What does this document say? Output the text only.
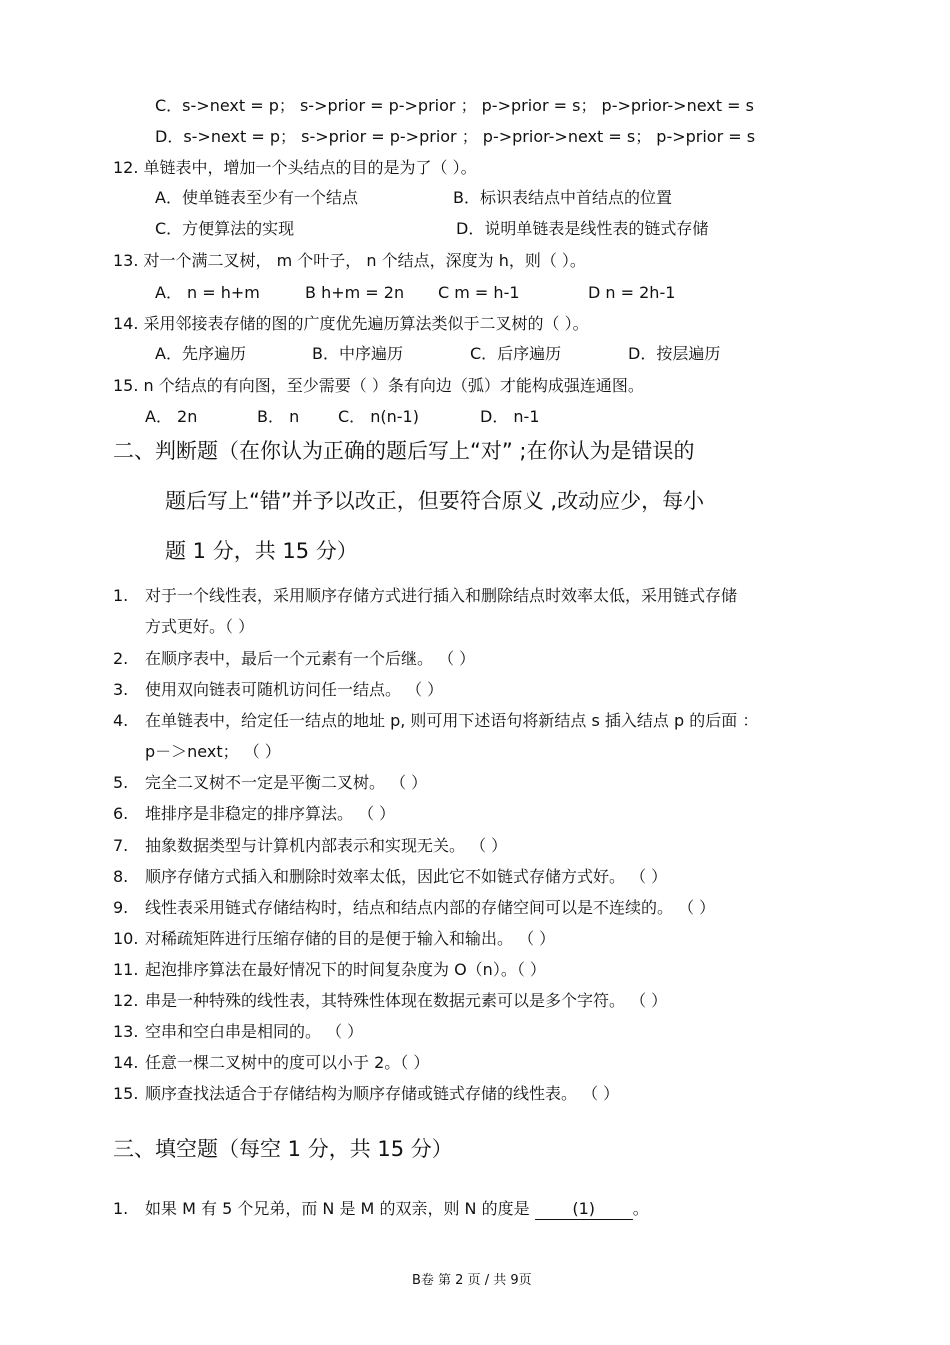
C．s->next = p； s->prior = p->prior ； p->prior = s； p->prior->next = s
D．s->next = p； s->prior = p->prior ； p->prior->next = s； p->prior = s
12. 单链表中，增加一个头结点的目的是为了（ ）。
A．使单链表至少有一个结点	B．标识表结点中首结点的位置
C．方便算法的实现	D．说明单链表是线性表的链式存储
13. 对一个满二叉树， m 个叶子， n 个结点，深度为 h，则（ ）。
A． n = h+m	B h+m = 2n C m = h-1	D n = 2h-1
14. 采用邻接表存储的图的广度优先遍历算法类似于二叉树的（ ）。
A．先序遍历	B．中序遍历	C．后序遍历	D．按层遍历
15. n 个结点的有向图，至少需要（ ）条有向边（弧）才能构成强连通图。
A． 2n	B． n C． n(n-1)	D． n-1
二、判断题（在你认为正确的题后写上“对” ;在你认为是错误的
题后写上“错”并予以改正，但要符合原义 ,改动应少，每小
题 1 分，共 15 分）
1. 对于一个线性表，采用顺序存储方式进行插入和删除结点时效率太低，采用链式存储
方式更好。（ ）
2. 在顺序表中，最后一个元素有一个后继。 （ ）
3. 使用双向链表可随机访问任一结点。 （ ）
4. 在单链表中，给定任一结点的地址 p, 则可用下述语句将新结点 s 插入结点 p 的后面 ：
p－＞next； （ ）
5. 完全二叉树不一定是平衡二叉树。 （ ）
6. 堆排序是非稳定的排序算法。 （ ）
7. 抽象数据类型与计算机内部表示和实现无关。 （ ）
8. 顺序存储方式插入和删除时效率太低，因此它不如链式存储方式好。 （ ）
9. 线性表采用链式存储结构时，结点和结点内部的存储空间可以是不连续的。 （ ）
10. 对稀疏矩阵进行压缩存储的目的是便于输入和输出。 （ ）
11. 起泡排序算法在最好情况下的时间复杂度为 O（n）。（ ）
12. 串是一种特殊的线性表，其特殊性体现在数据元素可以是多个字符。 （ ）
13. 空串和空白串是相同的。 （ ）
14. 任意一棵二叉树中的度可以小于 2。（ ）
15. 顺序查找法适合于存储结构为顺序存储或链式存储的线性表。 （ ）
三、填空题（每空 1 分，共 15 分）
1. 如果 M 有 5 个兄弟，而 N 是 M 的双亲，则 N 的度是	(1) 。
B卷 第 2 页 / 共 9页
